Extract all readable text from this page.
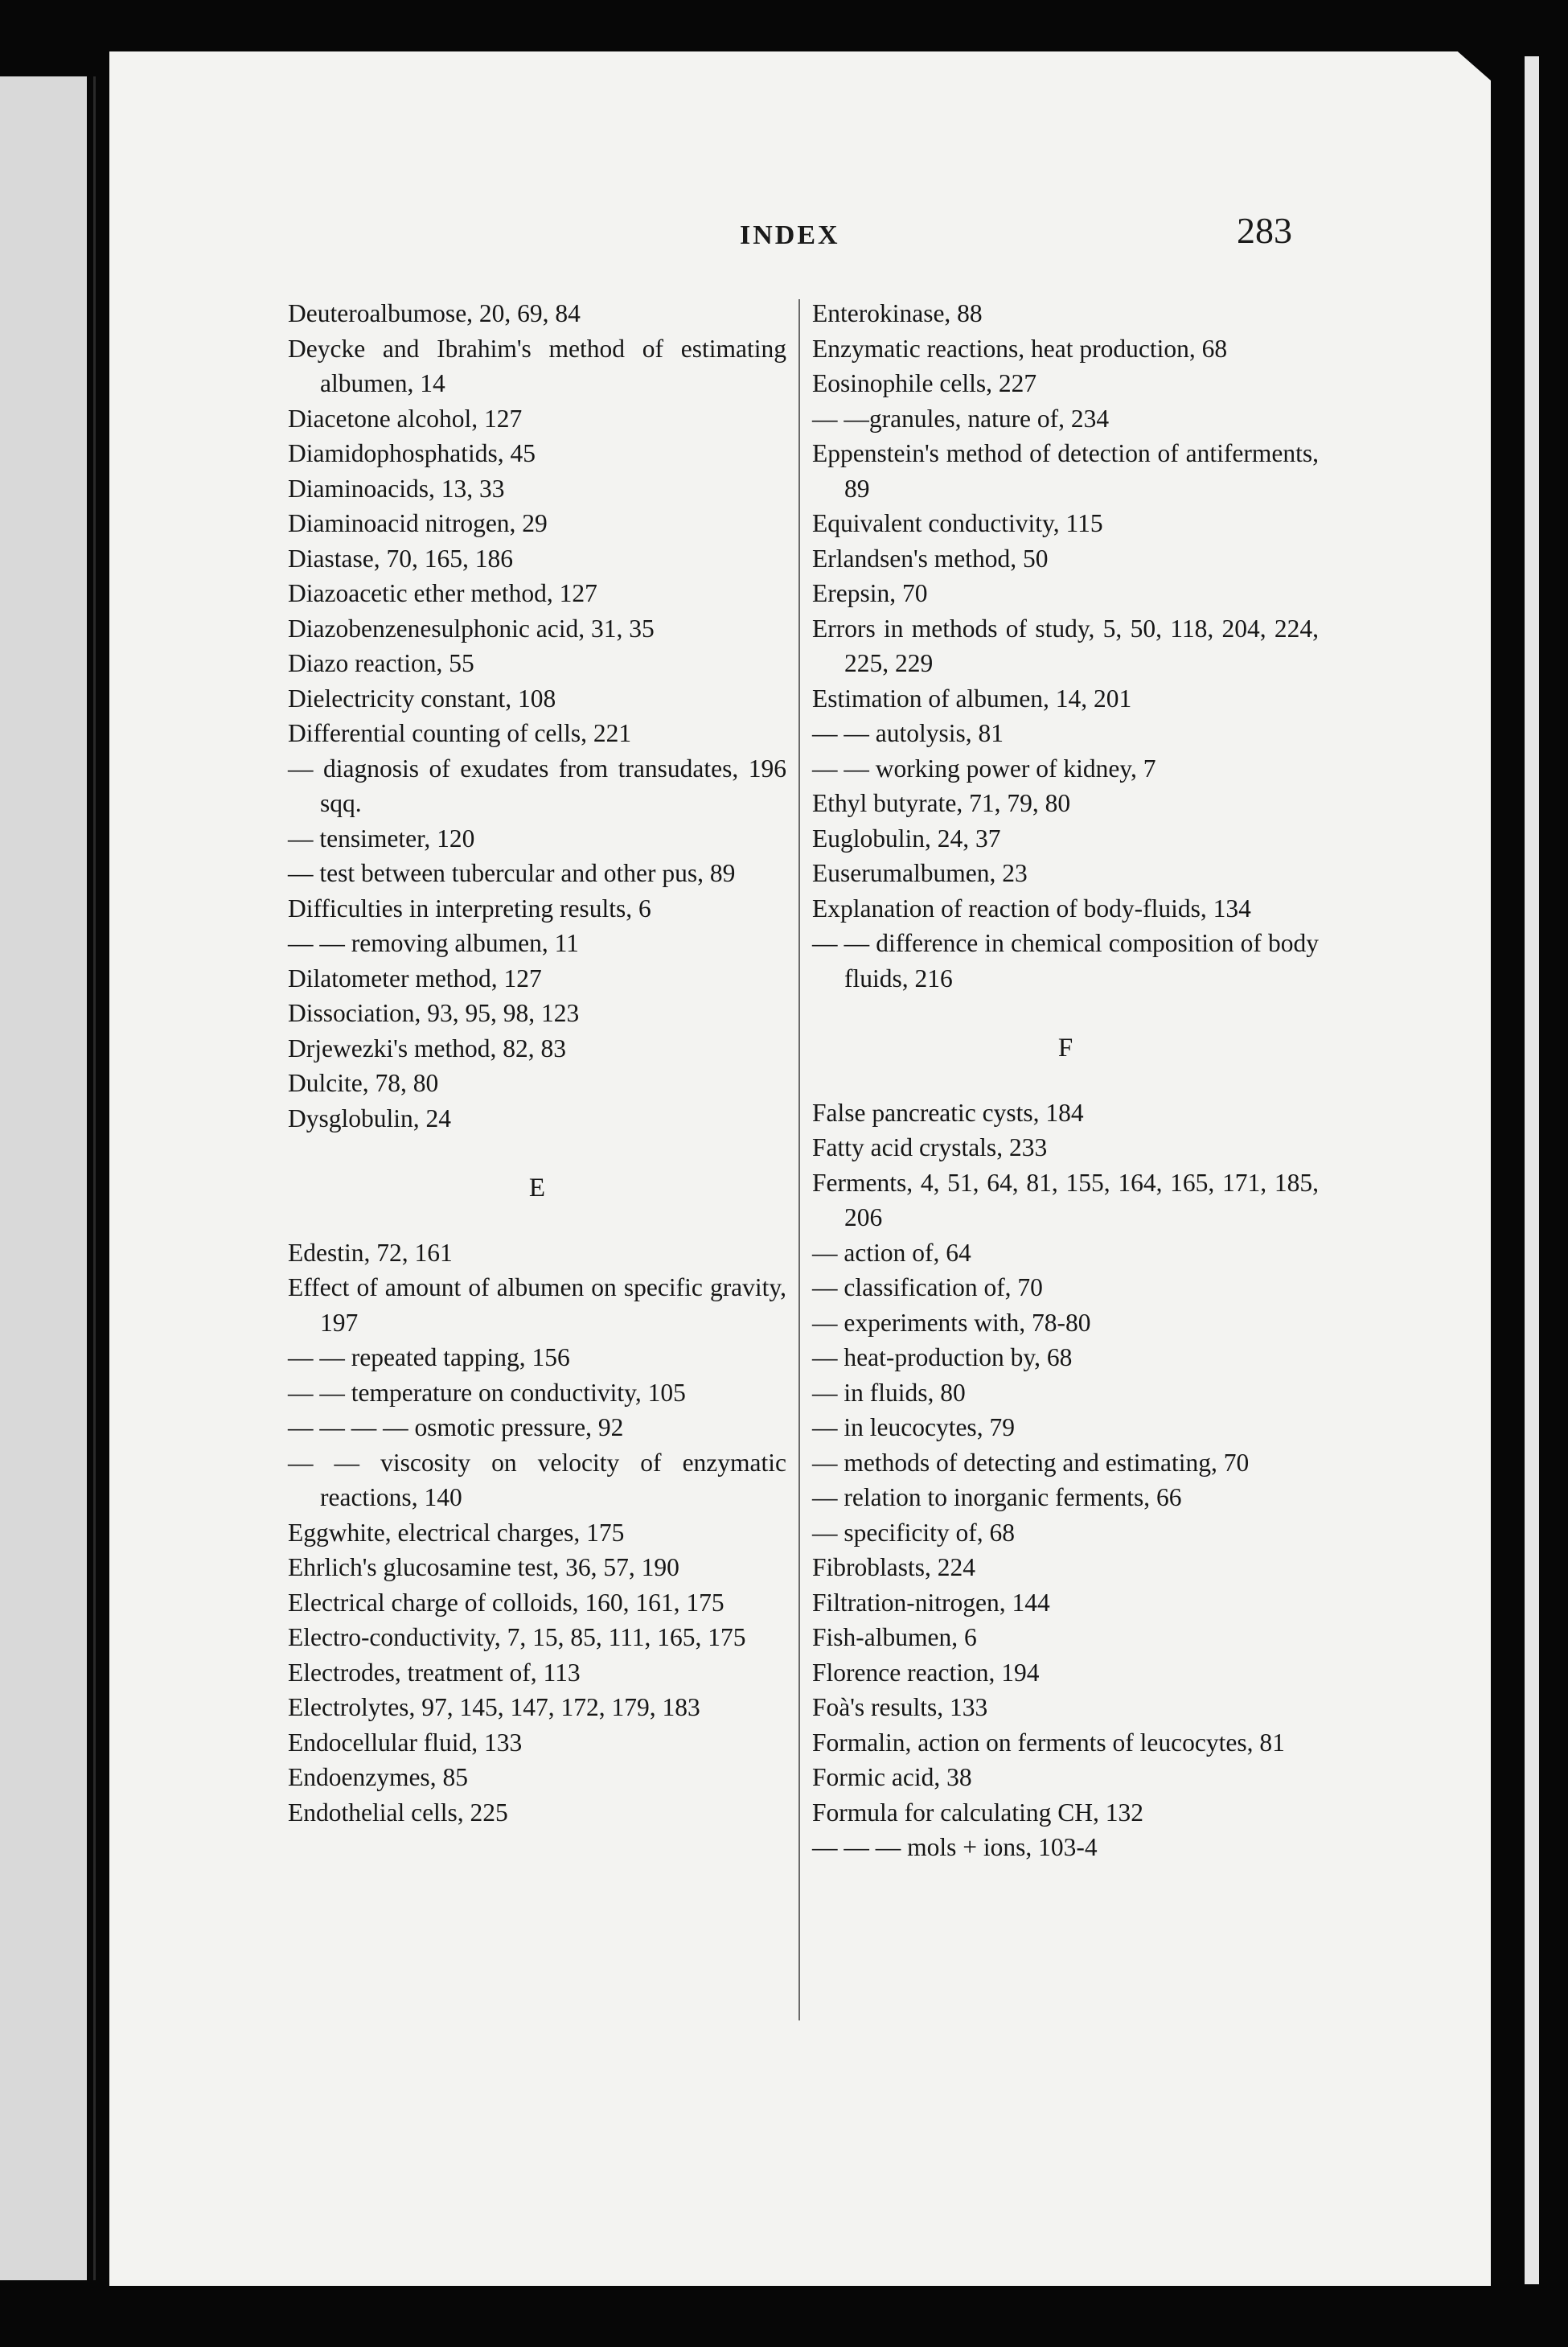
INDEX	283
Deuteroalbumose, 20, 69, 84
Deycke and Ibrahim's method of estimating albumen, 14
Diacetone alcohol, 127
Diamidophosphatids, 45
Diaminoacids, 13, 33
Diaminoacid nitrogen, 29
Diastase, 70, 165, 186
Diazoacetic ether method, 127
Diazobenzenesulphonic acid, 31, 35
Diazo reaction, 55
Dielectricity constant, 108
Differential counting of cells, 221
— diagnosis of exudates from transudates, 196 sqq.
— tensimeter, 120
— test between tubercular and other pus, 89
Difficulties in interpreting results, 6
— — removing albumen, 11
Dilatometer method, 127
Dissociation, 93, 95, 98, 123
Drjewezki's method, 82, 83
Dulcite, 78, 80
Dysglobulin, 24
E
Edestin, 72, 161
Effect of amount of albumen on specific gravity, 197
— — repeated tapping, 156
— — temperature on conductivity, 105
— — — — osmotic pressure, 92
— — viscosity on velocity of enzymatic reactions, 140
Eggwhite, electrical charges, 175
Ehrlich's glucosamine test, 36, 57, 190
Electrical charge of colloids, 160, 161, 175
Electro-conductivity, 7, 15, 85, 111, 165, 175
Electrodes, treatment of, 113
Electrolytes, 97, 145, 147, 172, 179, 183
Endocellular fluid, 133
Endoenzymes, 85
Endothelial cells, 225
Enterokinase, 88
Enzymatic reactions, heat production, 68
Eosinophile cells, 227
— —granules, nature of, 234
Eppenstein's method of detection of antiferments, 89
Equivalent conductivity, 115
Erlandsen's method, 50
Erepsin, 70
Errors in methods of study, 5, 50, 118, 204, 224, 225, 229
Estimation of albumen, 14, 201
— — autolysis, 81
— — working power of kidney, 7
Ethyl butyrate, 71, 79, 80
Euglobulin, 24, 37
Euserumalbumen, 23
Explanation of reaction of body-fluids, 134
— — difference in chemical composition of body fluids, 216
F
False pancreatic cysts, 184
Fatty acid crystals, 233
Ferments, 4, 51, 64, 81, 155, 164, 165, 171, 185, 206
— action of, 64
— classification of, 70
— experiments with, 78-80
— heat-production by, 68
— in fluids, 80
— in leucocytes, 79
— methods of detecting and estimating, 70
— relation to inorganic ferments, 66
— specificity of, 68
Fibroblasts, 224
Filtration-nitrogen, 144
Fish-albumen, 6
Florence reaction, 194
Foà's results, 133
Formalin, action on ferments of leucocytes, 81
Formic acid, 38
Formula for calculating CH, 132
— — — mols + ions, 103-4
